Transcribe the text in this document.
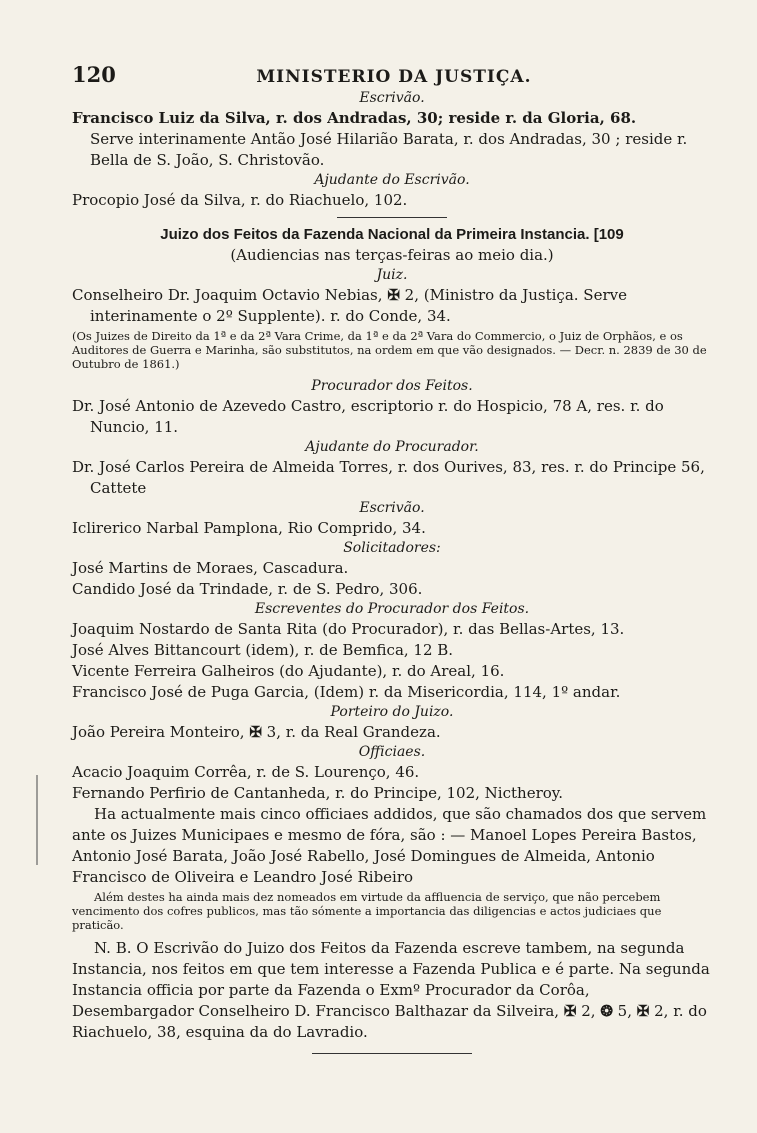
120	MINISTERIO DA JUSTIÇA.
Escrivão.

Francisco Luiz da Silva, r. dos Andradas, 30; reside r. da Gloria, 68.

Serve interinamente Antão José Hilarião Barata, r. dos Andradas, 30 ; reside r. Bella de S. João, S. Christovão.

Ajudante do Escrivão.

Procopio José da Silva, r. do Riachuelo, 102.

Juizo dos Feitos da Fazenda Nacional da Primeira Instancia. [109
(Audiencias nas terças-feiras ao meio dia.)
Juiz.

Conselheiro Dr. Joaquim Octavio Nebias, ✠ 2, (Ministro da Justiça. Serve interinamente o 2º Supplente). r. do Conde, 34.

(Os Juizes de Direito da 1ª e da 2ª Vara Crime, da 1ª e da 2ª Vara do Commercio, o Juiz de Orphãos, e os Auditores de Guerra e Marinha, são substitutos, na ordem em que vão designados. — Decr. n. 2839 de 30 de Outubro de 1861.)

Procurador dos Feitos.

Dr. José Antonio de Azevedo Castro, escriptorio r. do Hospicio, 78 A, res. r. do Nuncio, 11.

Ajudante do Procurador.

Dr. José Carlos Pereira de Almeida Torres, r. dos Ourives, 83, res. r. do Principe 56, Cattete

Escrivão.

Iclirerico Narbal Pamplona, Rio Comprido, 34.

Solicitadores:

José Martins de Moraes, Cascadura.

Candido José da Trindade, r. de S. Pedro, 306.

Escreventes do Procurador dos Feitos.

Joaquim Nostardo de Santa Rita (do Procurador), r. das Bellas-Artes, 13.

José Alves Bittancourt (idem), r. de Bemfica, 12 B.

Vicente Ferreira Galheiros (do Ajudante), r. do Areal, 16.

Francisco José de Puga Garcia, (Idem) r. da Misericordia, 114, 1º andar.

Porteiro do Juizo.

João Pereira Monteiro, ✠ 3, r. da Real Grandeza.

Officiaes.

Acacio Joaquim Corrêa, r. de S. Lourenço, 46.

Fernando Perfirio de Cantanheda, r. do Principe, 102, Nictheroy.

Ha actualmente mais cinco officiaes addidos, que são chamados dos que servem ante os Juizes Municipaes e mesmo de fóra, são : — Manoel Lopes Pereira Bastos, Antonio José Barata, João José Rabello, José Domingues de Almeida, Antonio Francisco de Oliveira e Leandro José Ribeiro

Além destes ha ainda mais dez nomeados em virtude da affluencia de serviço, que não percebem vencimento dos cofres publicos, mas tão sómente a importancia das diligencias e actos judiciaes que praticão.

N. B. O Escrivão do Juizo dos Feitos da Fazenda escreve tambem, na segunda Instancia, nos feitos em que tem interesse a Fazenda Publica e é parte. Na segunda Instancia officia por parte da Fazenda o Exmº Procurador da Corôa, Desembargador Conselheiro D. Francisco Balthazar da Silveira, ✠ 2, ❂ 5, ✠ 2, r. do Riachuelo, 38, esquina da do Lavradio.
